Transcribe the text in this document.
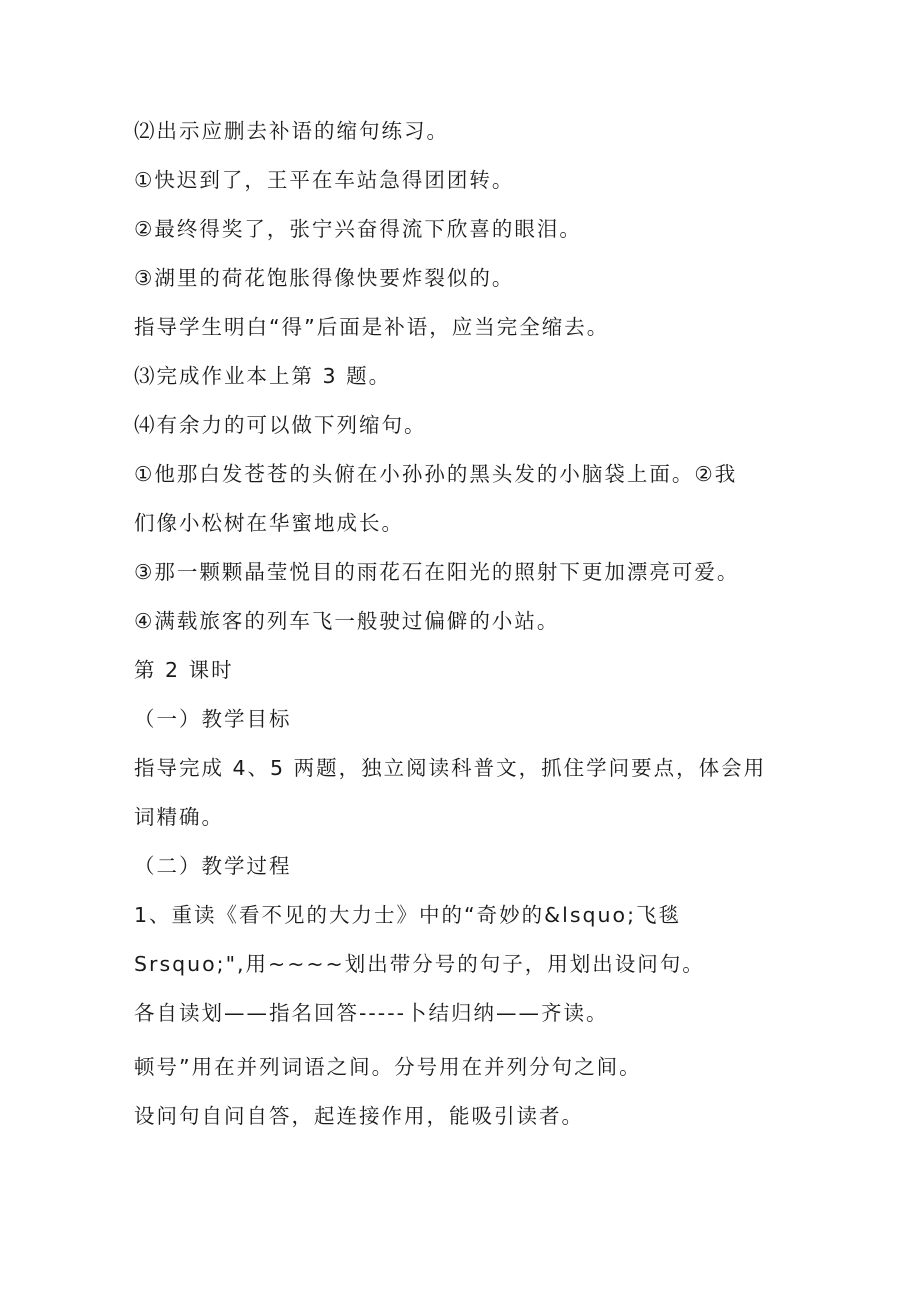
⑵出示应删去补语的缩句练习。

①快迟到了，王平在车站急得团团转。

②最终得奖了，张宁兴奋得流下欣喜的眼泪。

③湖里的荷花饱胀得像快要炸裂似的。

指导学生明白“得”后面是补语，应当完全缩去。

⑶完成作业本上第 3 题。

⑷有余力的可以做下列缩句。

①他那白发苍苍的头俯在小孙孙的黑头发的小脑袋上面。②我

们像小松树在华蜜地成长。

③那一颗颗晶莹悦目的雨花石在阳光的照射下更加漂亮可爱。

④满载旅客的列车飞一般驶过偏僻的小站。

第 2 课时

（一）教学目标

指导完成 4、5 两题，独立阅读科普文，抓住学问要点，体会用

词精确。

（二）教学过程

1、重读《看不见的大力士》中的“奇妙的&lsquo;飞毯

Srsquo;",用~~~~划出带分号的句子，用划出设问句。

各自读划——指名回答-----卜结归纳——齐读。

顿号”用在并列词语之间。分号用在并列分句之间。

设问句自问自答，起连接作用，能吸引读者。
